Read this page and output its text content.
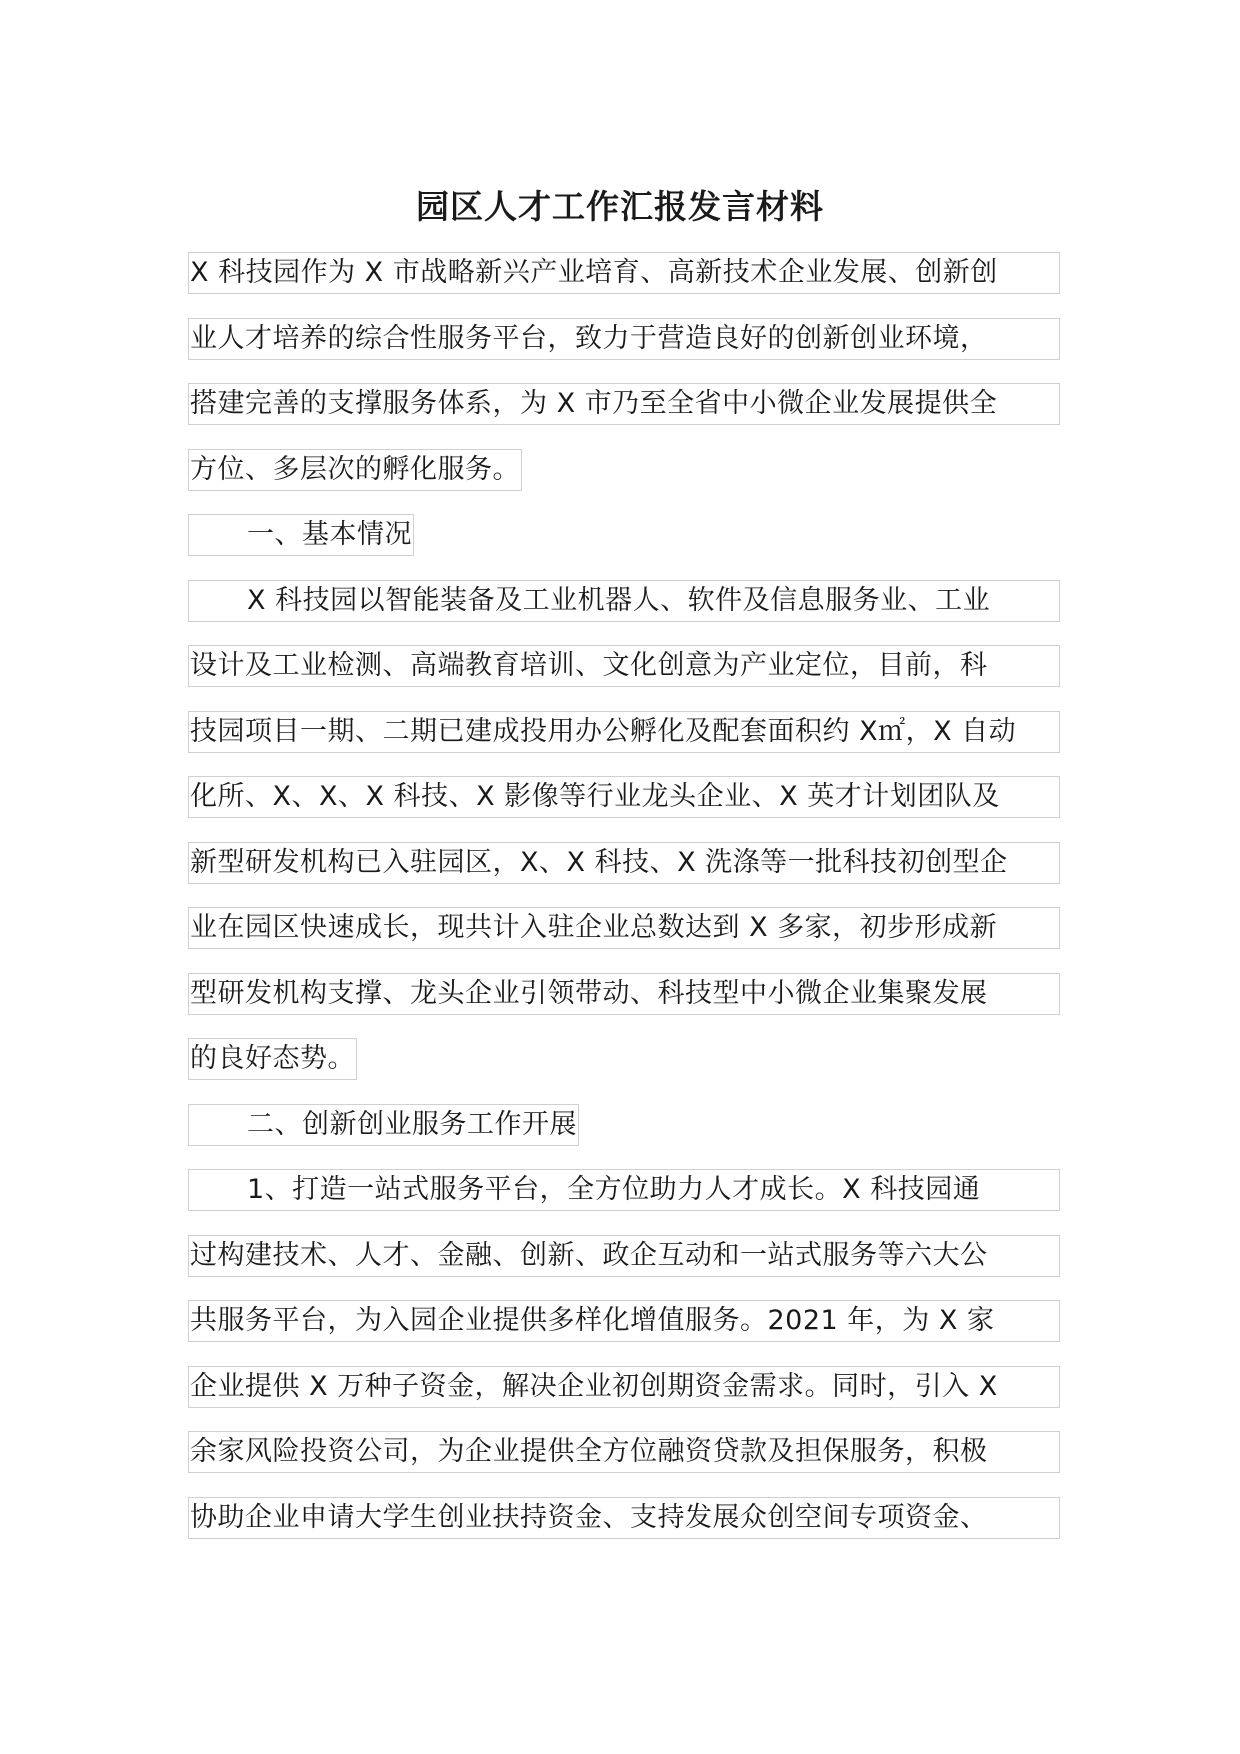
园区人才工作汇报发言材料
X 科技园作为 X 市战略新兴产业培育、高新技术企业发展、创新创
业人才培养的综合性服务平台，致力于营造良好的创新创业环境，
搭建完善的支撑服务体系，为 X 市乃至全省中小微企业发展提供全
方位、多层次的孵化服务。
一、基本情况
X 科技园以智能装备及工业机器人、软件及信息服务业、工业
设计及工业检测、高端教育培训、文化创意为产业定位，目前，科
技园项目一期、二期已建成投用办公孵化及配套面积约 X㎡，X 自动
化所、X、X、X 科技、X 影像等行业龙头企业、X 英才计划团队及
新型研发机构已入驻园区，X、X 科技、X 洗涤等一批科技初创型企
业在园区快速成长，现共计入驻企业总数达到 X 多家，初步形成新
型研发机构支撑、龙头企业引领带动、科技型中小微企业集聚发展
的良好态势。
二、创新创业服务工作开展
1、打造一站式服务平台，全方位助力人才成长。X 科技园通
过构建技术、人才、金融、创新、政企互动和一站式服务等六大公
共服务平台，为入园企业提供多样化增值服务。2021 年，为 X 家
企业提供 X 万种子资金，解决企业初创期资金需求。同时，引入 X
余家风险投资公司，为企业提供全方位融资贷款及担保服务，积极
协助企业申请大学生创业扶持资金、支持发展众创空间专项资金、
